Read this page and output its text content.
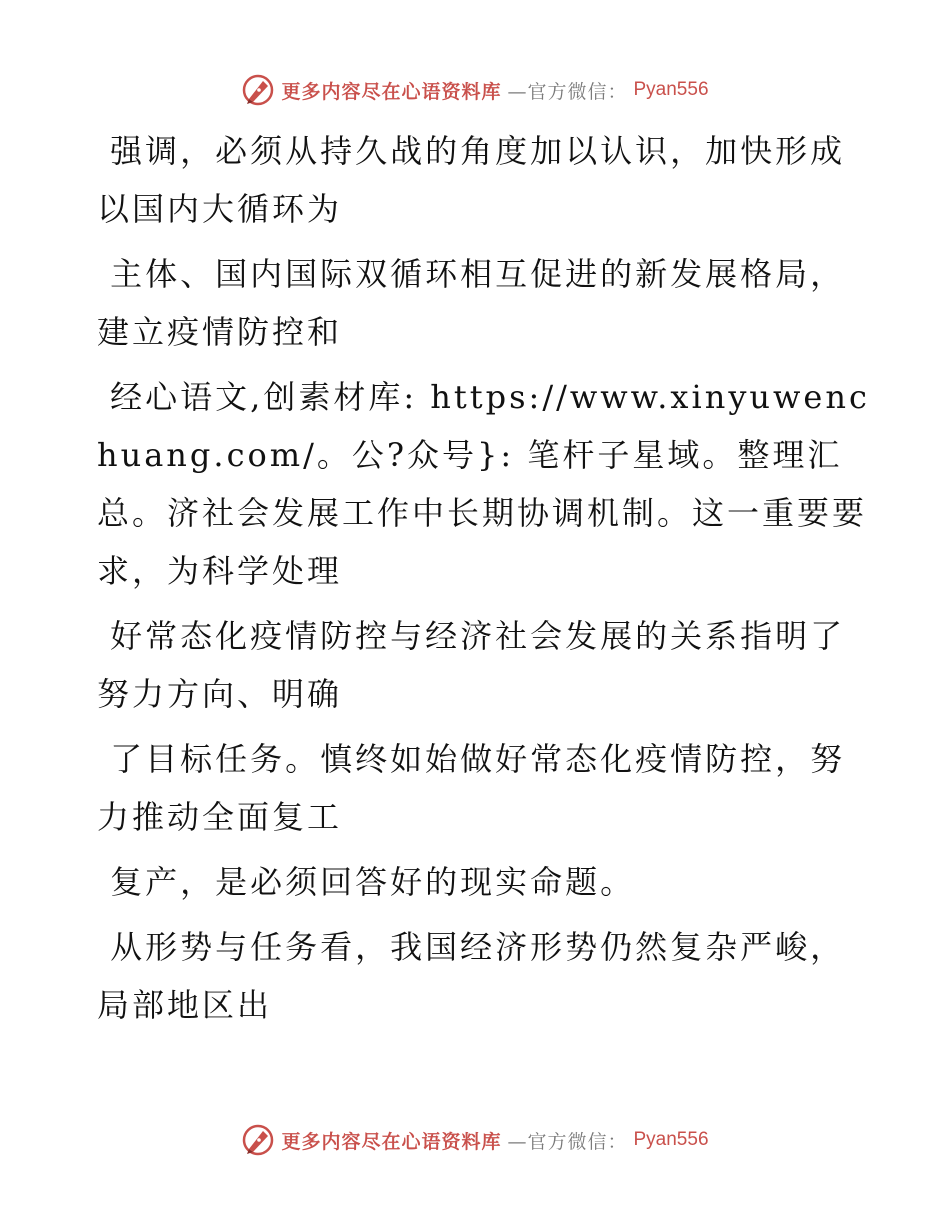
更多内容尽在心语资料库 —官方微信： Pyan556

强调，必须从持久战的角度加以认识，加快形成以国内大循环为

主体、国内国际双循环相互促进的新发展格局，建立疫情防控和

经心语文,创素材库: https://www.xinyuwenchuang.com/。公?众号}: 笔杆子星域。整理汇总。济社会发展工作中长期协调机制。这一重要要求，为科学处理

好常态化疫情防控与经济社会发展的关系指明了努力方向、明确

了目标任务。慎终如始做好常态化疫情防控，努力推动全面复工

复产，是必须回答好的现实命题。

从形势与任务看，我国经济形势仍然复杂严峻，局部地区出

更多内容尽在心语资料库 —官方微信： Pyan556
